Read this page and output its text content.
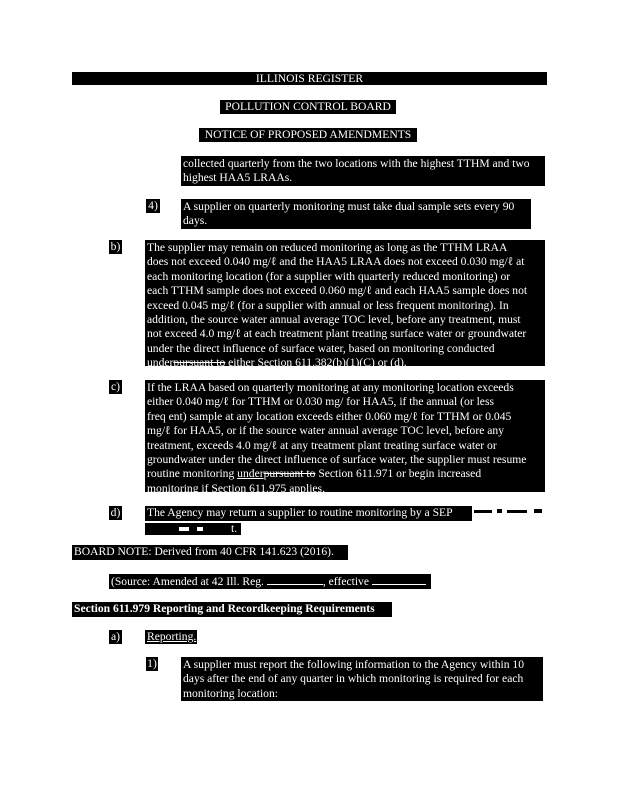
ILLINOIS REGISTER
POLLUTION CONTROL BOARD
NOTICE OF PROPOSED AMENDMENTS
collected quarterly from the two locations with the highest TTHM and two
highest HAA5 LRAAs.
4) A supplier on quarterly monitoring must take dual sample sets every 90
days.
b) The supplier may remain on reduced monitoring as long as the TTHM LRAA
does not exceed 0.040 mg/ℓ and the HAA5 LRAA does not exceed 0.030 mg/ℓ at
each monitoring location (for a supplier with quarterly reduced monitoring) or
each TTHM sample does not exceed 0.060 mg/ℓ and each HAA5 sample does not
exceed 0.045 mg/ℓ (for a supplier with annual or less frequent monitoring). In
addition, the source water annual average TOC level, before any treatment, must
not exceed 4.0 mg/ℓ at each treatment plant treating surface water or groundwater
under the direct influence of surface water, based on monitoring conducted
underpursuant to either Section 611.382(b)(1)(C) or (d).
c) If the LRAA based on quarterly monitoring at any monitoring location exceeds
either 0.040 mg/ℓ for TTHM or 0.030 mg/ for HAA5, if the annual (or less
freq ent) sample at any location exceeds either 0.060 mg/ℓ for TTHM or 0.045
mg/ℓ for HAA5, or if the source water annual average TOC level, before any
treatment, exceeds 4.0 mg/ℓ at any treatment plant treating surface water or
groundwater under the direct influence of surface water, the supplier must resume
routine monitoring underpursuant to Section 611.971 or begin increased
monitoring if Section 611.975 applies.
d) The Agency may return a supplier to routine monitoring by a SEP
t.
BOARD NOTE: Derived from 40 CFR 141.623 (2016).
(Source: Amended at 42 Ill. Reg.	, effective )
Section 611.979 Reporting and Recordkeeping Requirements
a) Reporting.
1) A supplier must report the following information to the Agency within 10
days after the end of any quarter in which monitoring is required for each
monitoring location:
